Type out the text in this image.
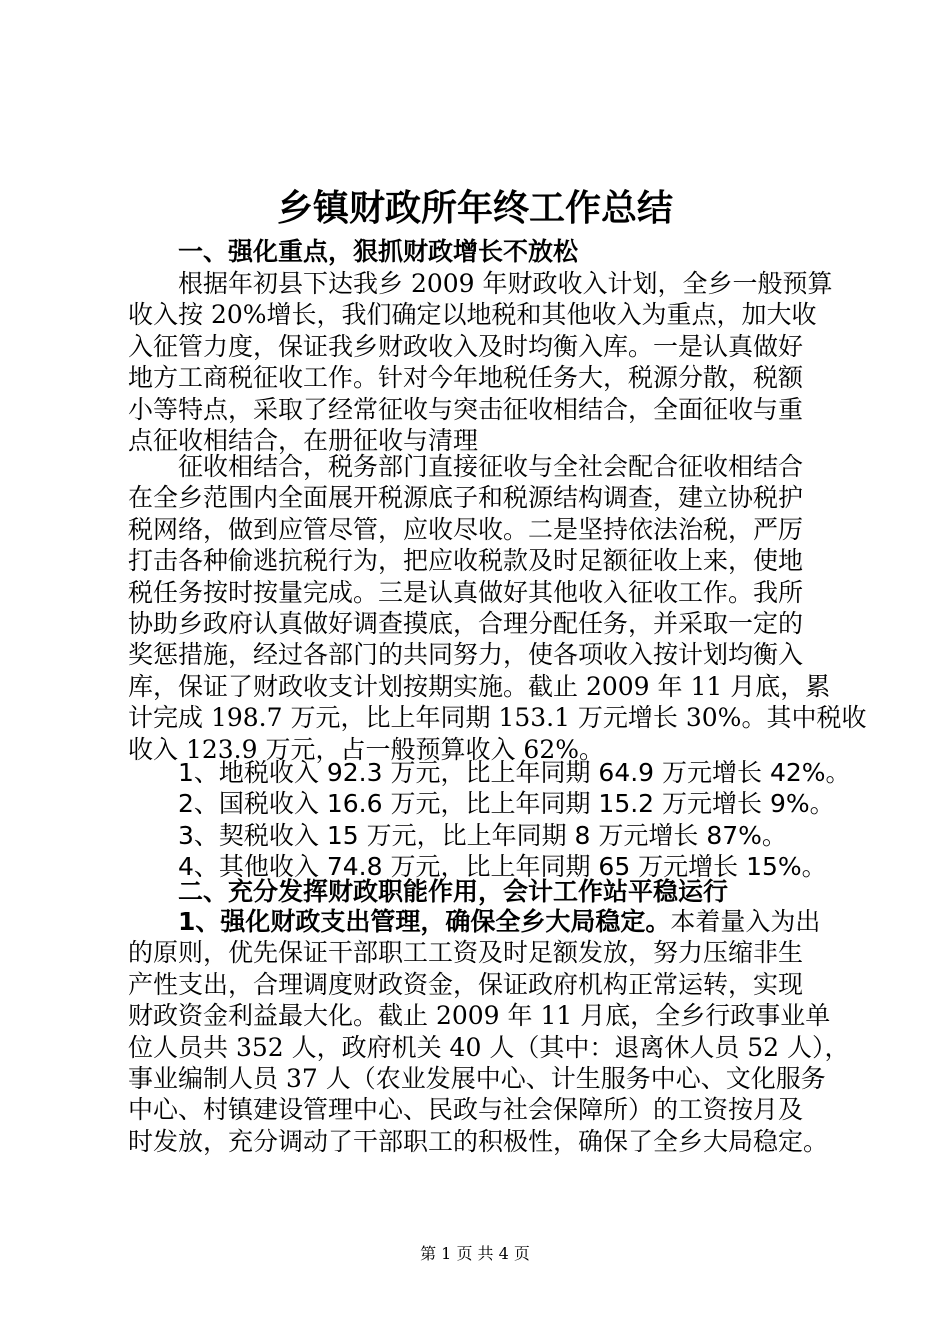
乡镇财政所年终工作总结
一、强化重点，狠抓财政增长不放松
根据年初县下达我乡 2009 年财政收入计划，全乡一般预算
收入按 20%增长，我们确定以地税和其他收入为重点，加大收
入征管力度，保证我乡财政收入及时均衡入库。一是认真做好
地方工商税征收工作。针对今年地税任务大，税源分散，税额
小等特点，采取了经常征收与突击征收相结合，全面征收与重
点征收相结合，在册征收与清理
征收相结合，税务部门直接征收与全社会配合征收相结合
在全乡范围内全面展开税源底子和税源结构调查，建立协税护
税网络，做到应管尽管，应收尽收。二是坚持依法治税，严厉
打击各种偷逃抗税行为，把应收税款及时足额征收上来，使地
税任务按时按量完成。三是认真做好其他收入征收工作。我所
协助乡政府认真做好调查摸底，合理分配任务，并采取一定的
奖惩措施，经过各部门的共同努力，使各项收入按计划均衡入
库，保证了财政收支计划按期实施。截止 2009 年 11 月底，累
计完成 198.7 万元，比上年同期 153.1 万元增长 30%。其中税收
收入 123.9 万元，占一般预算收入 62%。
1、地税收入 92.3 万元，比上年同期 64.9 万元增长 42%。
2、国税收入 16.6 万元，比上年同期 15.2 万元增长 9%。
3、契税收入 15 万元，比上年同期 8 万元增长 87%。
4、其他收入 74.8 万元，比上年同期 65 万元增长 15%。
二、充分发挥财政职能作用，会计工作站平稳运行
1、强化财政支出管理，确保全乡大局稳定。本着量入为出
的原则，优先保证干部职工工资及时足额发放，努力压缩非生
产性支出，合理调度财政资金，保证政府机构正常运转，实现
财政资金利益最大化。截止 2009 年 11 月底，全乡行政事业单
位人员共 352 人，政府机关 40 人（其中：退离休人员 52 人），
事业编制人员 37 人（农业发展中心、计生服务中心、文化服务
中心、村镇建设管理中心、民政与社会保障所）的工资按月及
时发放，充分调动了干部职工的积极性，确保了全乡大局稳定。
第 1 页 共 4 页
